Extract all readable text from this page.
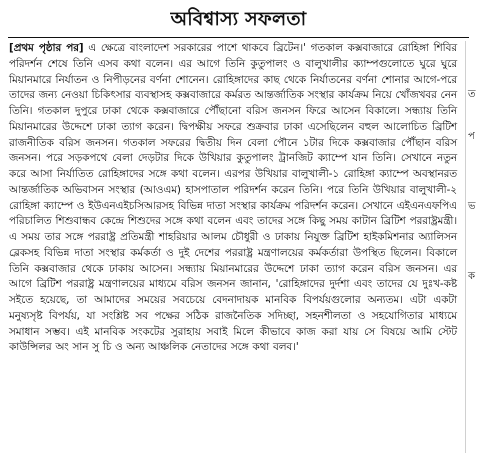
অবিশ্বাস্য সফলতা

[প্রথম পৃষ্ঠার পর] এ ক্ষেত্রে বাংলাদেশ সরকারের পাশে থাকবে ব্রিটেন।' গতকাল কক্সবাজারে রোহিঙ্গা শিবির পরিদর্শন শেষে তিনি এসব কথা বলেন। এর আগে তিনি কুতুপালং ও বালুখালীর ক্যাম্পগুলোতে ঘুরে ঘুরে মিয়ানমারে নির্যাতন ও নিপীড়নের বর্ণনা শোনেন। রোহিঙ্গাদের কাছ থেকে নির্যাতনের বর্ণনা শোনার আগে-পরে তাদের জন্য নেওয়া চিকিৎসার ব্যবস্থাসহ কক্সবাজারে কর্মরত আন্তর্জাতিক সংস্থার কার্যক্রম নিয়ে খোঁজখবর নেন তিনি। গতকাল দুপুরে ঢাকা থেকে কক্সবাজারে পৌঁছানো বরিস জনসন ফিরে আসেন বিকালে। সন্ধ্যায় তিনি মিয়ানমারের উদ্দেশে ঢাকা ত্যাগ করেন। দ্বিপক্ষীয় সফরে শুক্রবার ঢাকা এসেছিলেন বহুল আলোচিত ব্রিটিশ রাজনীতিক বরিস জনসন। গতকাল সফরের দ্বিতীয় দিন বেলা পৌনে ১টার দিকে কক্সবাজার পৌঁছান বরিস জনসন। পরে সড়কপথে বেলা দেড়টার দিকে উখিয়ার কুতুপালং ট্রানজিট ক্যাম্পে যান তিনি। সেখানে নতুন করে আসা নির্যাতিত রোহিঙ্গাদের সঙ্গে কথা বলেন। এরপর উখিয়ার বালুখালী-১ রোহিঙ্গা ক্যাম্পে অবস্থানরত আন্তর্জাতিক অভিবাসন সংস্থার (আওএম) হাসপাতাল পরিদর্শন করেন তিনি। পরে তিনি উখিয়ার বালুখালী-২ রোহিঙ্গা ক্যাম্পে ও ইউএনএইচসিআরসহ বিভিন্ন দাতা সংস্থার কার্যক্রম পরিদর্শন করেন। সেখানে এইএনএফপিএ পরিচালিত শিশুবান্ধব কেন্দ্রে শিশুদের সঙ্গে কথা বলেন এবং তাদের সঙ্গে কিছু সময় কাটান ব্রিটিশ পররাষ্ট্রমন্ত্রী। এ সময় তার সঙ্গে পররাষ্ট্র প্রতিমন্ত্রী শাহরিয়ার আলম চৌধুরী ও ঢাকায় নিযুক্ত ব্রিটিশ হাইকমিশনার অ্যালিসন ব্লেকসহ বিভিন্ন দাতা সংস্থার কর্মকর্তা ও দুই দেশের পররাষ্ট্র মন্ত্রণালয়ের কর্মকর্তারা উপস্থিত ছিলেন। বিকালে তিনি কক্সবাজার থেকে ঢাকায় আসেন। সন্ধ্যায় মিয়ানমারের উদ্দেশে ঢাকা ত্যাগ করেন বরিস জনসন। এর আগে ব্রিটিশ পররাষ্ট্র মন্ত্রণালয়ের মাধ্যমে বরিস জনসন জানান, 'রোহিঙ্গাদের দুর্দশা এবং তাদের যে দুঃখ-কষ্ট সইতে হয়েছে, তা আমাদের সময়ের সবচেয়ে বেদনাদায়ক মানবিক বিপর্যয়গুলোর অন্যতম। এটা একটা মনুষ্যসৃষ্ট বিপর্যয়, যা সংশ্লিষ্ট সব পক্ষের সঠিক রাজনৈতিক সদিচ্ছা, সহনশীলতা ও সহযোগিতার মাধ্যমে সমাধান সম্ভব। এই মানবিক সংকটের সুরাহায় সবাই মিলে কীভাবে কাজ করা যায় সে বিষয়ে আমি স্টেট কাউন্সিলর অং সান সু চি ও অন্য আঞ্চলিক নেতাদের সঙ্গে কথা বলব।'

ত
প
ভ
ক
